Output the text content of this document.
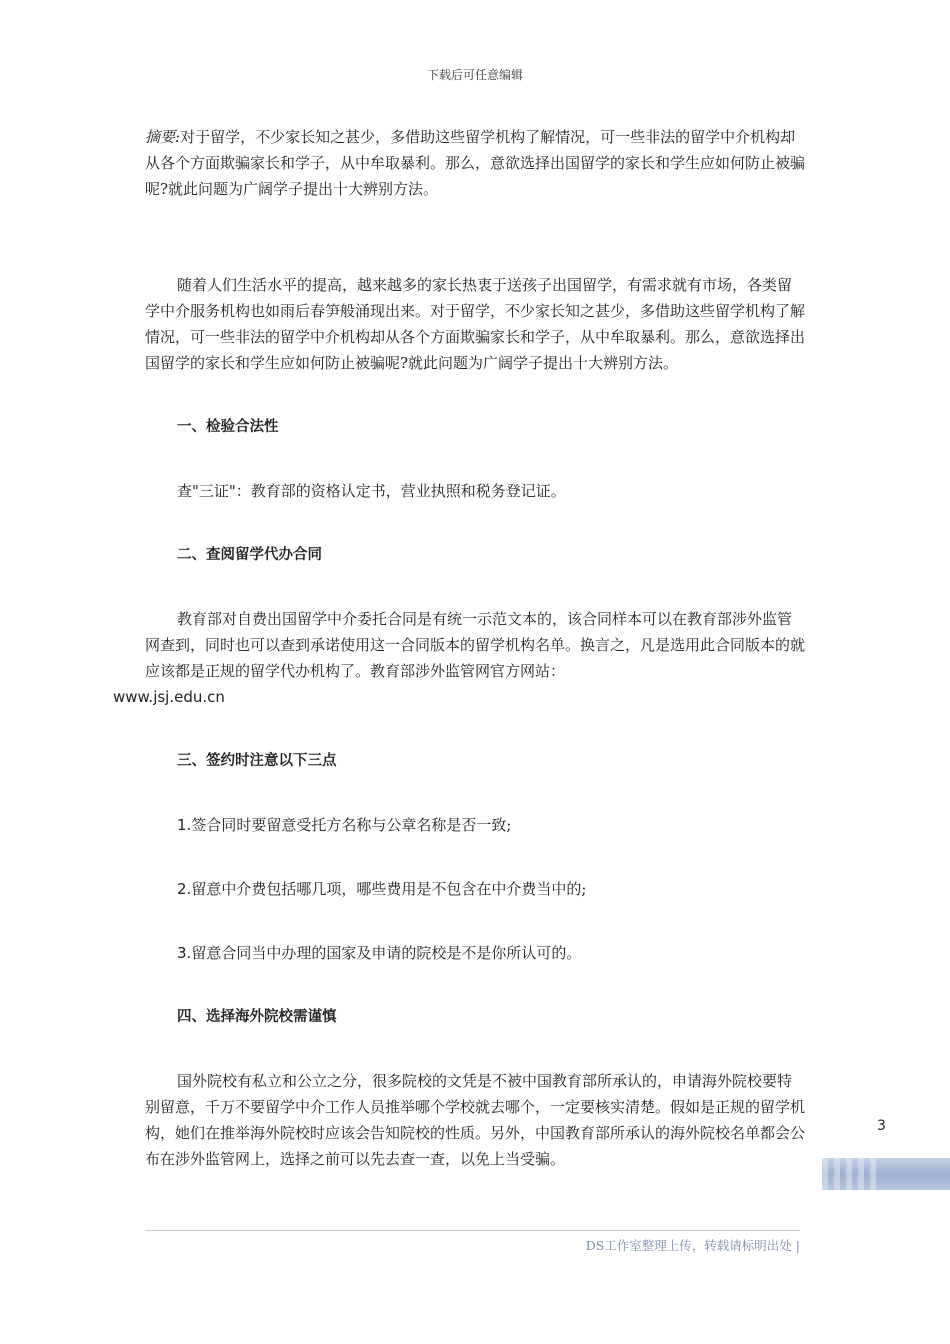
下载后可任意编辑

摘要:对于留学，不少家长知之甚少，多借助这些留学机构了解情况，可一些非法的留学中介机构却从各个方面欺骗家长和学子，从中牟取暴利。那么，意欲选择出国留学的家长和学生应如何防止被骗呢?就此问题为广阔学子提出十大辨别方法。

随着人们生活水平的提高，越来越多的家长热衷于送孩子出国留学，有需求就有市场，各类留学中介服务机构也如雨后春笋般涌现出来。对于留学，不少家长知之甚少，多借助这些留学机构了解情况，可一些非法的留学中介机构却从各个方面欺骗家长和学子，从中牟取暴利。那么，意欲选择出国留学的家长和学生应如何防止被骗呢?就此问题为广阔学子提出十大辨别方法。

一、检验合法性

查"三证"：教育部的资格认定书，营业执照和税务登记证。

二、查阅留学代办合同

教育部对自费出国留学中介委托合同是有统一示范文本的，该合同样本可以在教育部涉外监管网查到，同时也可以查到承诺使用这一合同版本的留学机构名单。换言之，凡是选用此合同版本的就应该都是正规的留学代办机构了。教育部涉外监管网官方网站：
www.jsj.edu.cn

三、签约时注意以下三点

1.签合同时要留意受托方名称与公章名称是否一致;

2.留意中介费包括哪几项，哪些费用是不包含在中介费当中的;

3.留意合同当中办理的国家及申请的院校是不是你所认可的。

四、选择海外院校需谨慎

国外院校有私立和公立之分，很多院校的文凭是不被中国教育部所承认的，申请海外院校要特别留意，千万不要留学中介工作人员推举哪个学校就去哪个，一定要核实清楚。假如是正规的留学机构，她们在推举海外院校时应该会告知院校的性质。另外，中国教育部所承认的海外院校名单都会公布在涉外监管网上，选择之前可以先去查一查，以免上当受骗。

3
DS工作室整理上传，转载请标明出处 |
